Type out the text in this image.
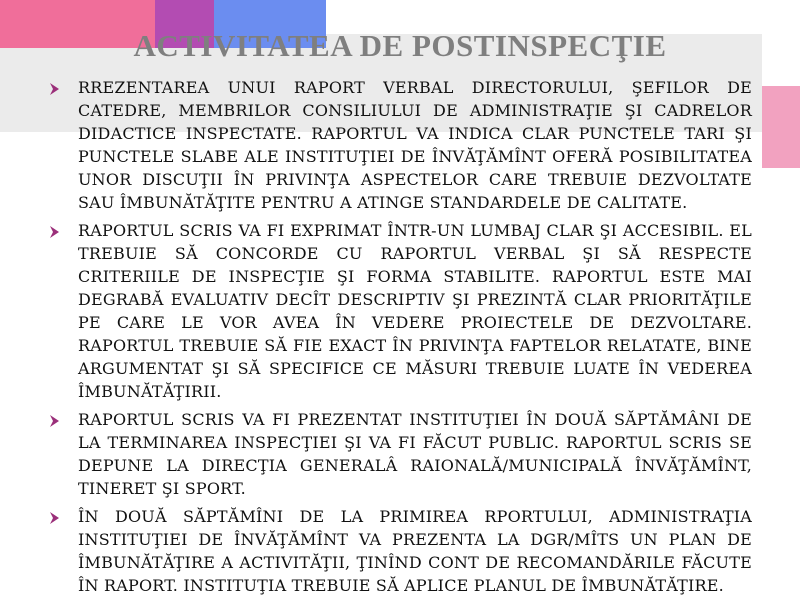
ACTIVITATEA DE POSTINSPECŢIE
RREZENTAREA UNUI RAPORT VERBAL DIRECTORULUI, ŞEFILOR DE CATEDRE, MEMBRILOR CONSILIULUI DE ADMINISTRAŢIE ŞI CADRELOR DIDACTICE INSPECTATE. RAPORTUL VA INDICA CLAR PUNCTELE TARI ŞI PUNCTELE SLABE ALE INSTITUŢIEI DE ÎNVĂŢĂMÎNT OFERĂ POSIBILITATEA UNOR DISCUŢII ÎN PRIVINŢA ASPECTELOR CARE TREBUIE DEZVOLTATE SAU ÎMBUNĂTĂŢITE PENTRU A ATINGE STANDARDELE DE CALITATE.
RAPORTUL SCRIS VA FI EXPRIMAT ÎNTR-UN LUMBAJ CLAR ŞI ACCESIBIL. EL TREBUIE SĂ CONCORDE CU RAPORTUL VERBAL ŞI SĂ RESPECTE CRITERIILE DE INSPECŢIE ŞI FORMA STABILITE. RAPORTUL ESTE MAI DEGRABĂ EVALUATIV DECÎT DESCRIPTIV ŞI PREZINTĂ CLAR PRIORITĂŢILE PE CARE LE VOR AVEA ÎN VEDERE PROIECTELE DE DEZVOLTARE. RAPORTUL TREBUIE SĂ FIE EXACT ÎN PRIVINŢA FAPTELOR RELATATE, BINE ARGUMENTAT ŞI SĂ SPECIFICE CE MĂSURI TREBUIE LUATE ÎN VEDEREA ÎMBUNĂTĂŢIRII.
RAPORTUL SCRIS VA FI PREZENTAT INSTITUŢIEI ÎN DOUĂ SĂPTĂMÂNI DE LA TERMINAREA INSPECŢIEI ŞI VA FI FĂCUT PUBLIC. RAPORTUL SCRIS SE DEPUNE LA DIRECŢIA GENERALÂ RAIONALĂ/MUNICIPALĂ ÎNVĂŢĂMÎNT, TINERET ŞI SPORT.
ÎN DOUĂ SĂPTĂMÎNI DE LA PRIMIREA RPORTULUI, ADMINISTRAŢIA INSTITUŢIEI DE ÎNVĂŢĂMÎNT VA PREZENTA LA DGR/MÎTS UN PLAN DE ÎMBUNĂTĂŢIRE A ACTIVITĂŢII, ŢINÎND CONT DE RECOMANDĂRILE FĂCUTE ÎN RAPORT. INSTITUŢIA TREBUIE SĂ APLICE PLANUL DE ÎMBUNĂTĂŢIRE.
